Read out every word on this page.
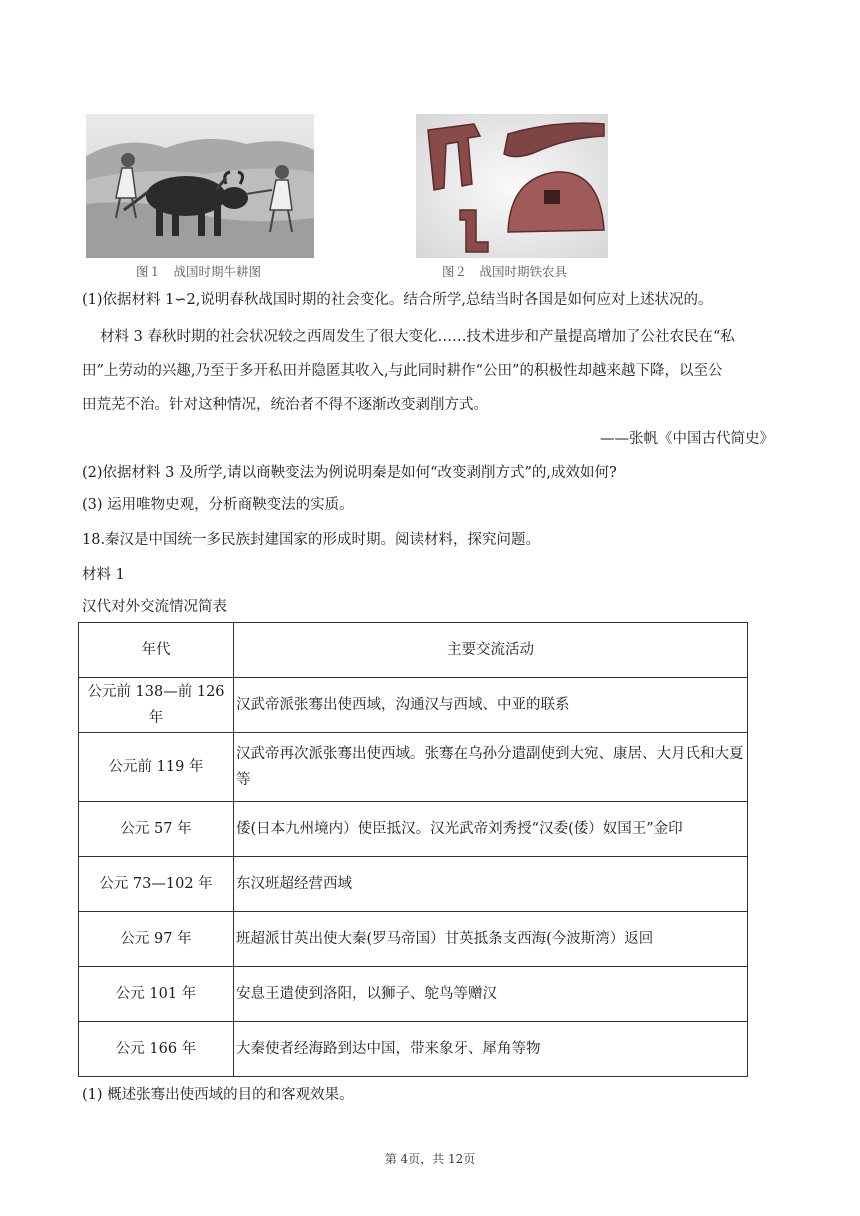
图１　战国时期牛耕图	图２　战国时期铁农具
(1)依据材料 1∽2,说明春秋战国时期的社会变化。结合所学,总结当时各国是如何应对上述状况的。
材料 3 春秋时期的社会状况较之西周发生了很大变化……技术进步和产量提高增加了公社农民在“私
田”上劳动的兴趣,乃至于多开私田并隐匿其收入,与此同时耕作“公田”的积极性却越来越下降，以至公
田荒芜不治。针对这种情况，统治者不得不逐渐改变剥削方式。
——张帆《中国古代简史》
(2)依据材料 3 及所学,请以商鞅变法为例说明秦是如何“改变剥削方式”的,成效如何?
(3) 运用唯物史观，分析商鞅变法的实质。
18.秦汉是中国统一多民族封建国家的形成时期。阅读材料，探究问题。
材料 1
汉代对外交流情况简表
年代	主要交流活动
公元前 138—前 126 年	汉武帝派张骞出使西域，沟通汉与西域、中亚的联系
公元前 119 年	汉武帝再次派张骞出使西域。张骞在乌孙分遣副使到大宛、康居、大月氏和大夏等
公元 57 年	倭(日本九州境内）使臣抵汉。汉光武帝刘秀授“汉委(倭）奴国王”金印
公元 73—102 年	东汉班超经营西域
公元 97 年	班超派甘英出使大秦(罗马帝国）甘英抵条支西海(今波斯湾）返回
公元 101 年	安息王遣使到洛阳，以狮子、鸵鸟等赠汉
公元 166 年	大秦使者经海路到达中国，带来象牙、犀角等物
(1) 概述张骞出使西域的目的和客观效果。
第 4页，共 12页
